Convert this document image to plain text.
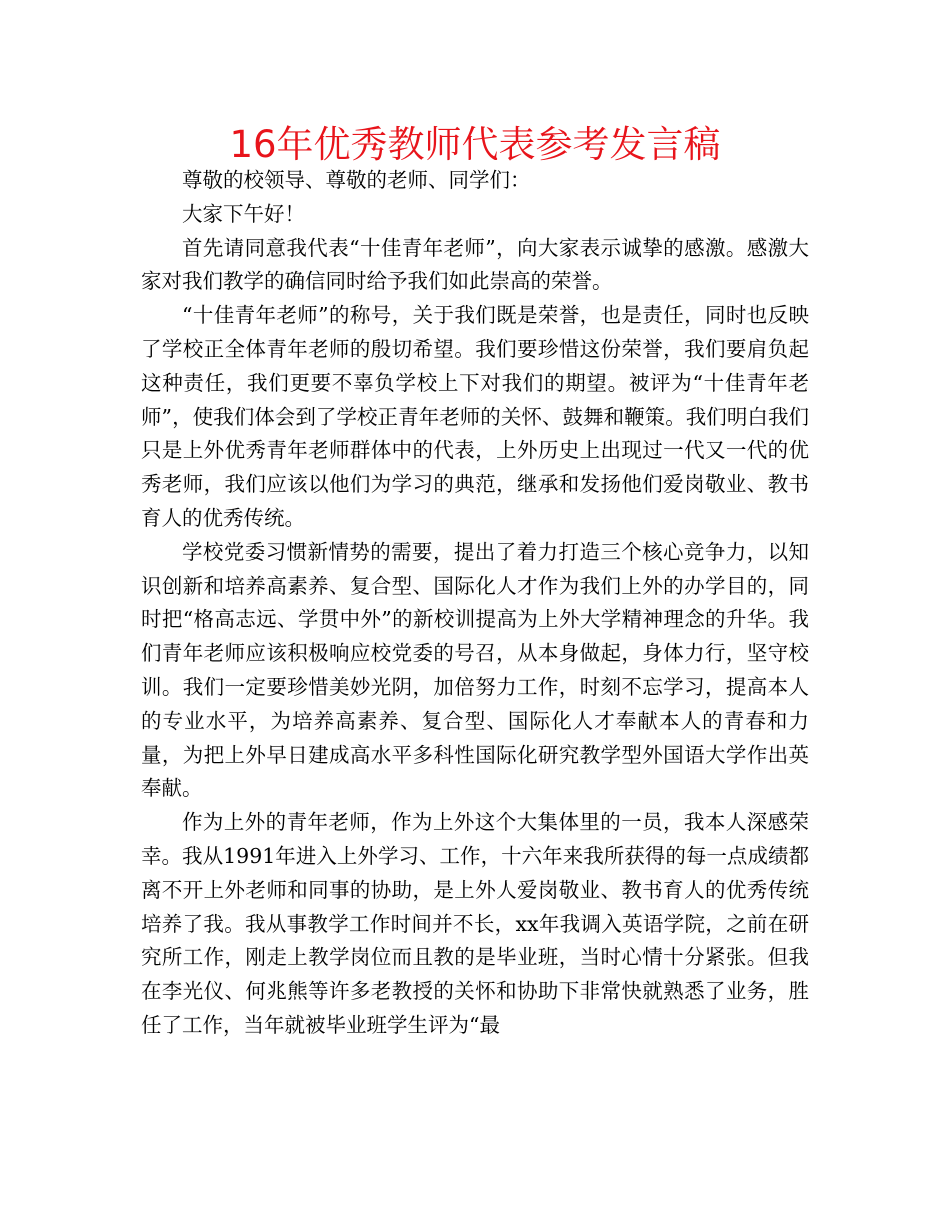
16年优秀教师代表参考发言稿

尊敬的校领导、尊敬的老师、同学们：

大家下午好！

首先请同意我代表“十佳青年老师”，向大家表示诚挚的感激。感激大家对我们教学的确信同时给予我们如此崇高的荣誉。

“十佳青年老师”的称号，关于我们既是荣誉，也是责任，同时也反映了学校正全体青年老师的殷切希望。我们要珍惜这份荣誉，我们要肩负起这种责任，我们更要不辜负学校上下对我们的期望。被评为“十佳青年老师”，使我们体会到了学校正青年老师的关怀、鼓舞和鞭策。我们明白我们只是上外优秀青年老师群体中的代表，上外历史上出现过一代又一代的优秀老师，我们应该以他们为学习的典范，继承和发扬他们爱岗敬业、教书育人的优秀传统。

学校党委习惯新情势的需要，提出了着力打造三个核心竞争力，以知识创新和培养高素养、复合型、国际化人才作为我们上外的办学目的，同时把“格高志远、学贯中外”的新校训提高为上外大学精神理念的升华。我们青年老师应该积极响应校党委的号召，从本身做起，身体力行，坚守校训。我们一定要珍惜美妙光阴，加倍努力工作，时刻不忘学习，提高本人的专业水平，为培养高素养、复合型、国际化人才奉献本人的青春和力量，为把上外早日建成高水平多科性国际化研究教学型外国语大学作出英奉献。

作为上外的青年老师，作为上外这个大集体里的一员，我本人深感荣幸。我从1991年进入上外学习、工作，十六年来我所获得的每一点成绩都离不开上外老师和同事的协助，是上外人爱岗敬业、教书育人的优秀传统培养了我。我从事教学工作时间并不长，xx年我调入英语学院，之前在研究所工作，刚走上教学岗位而且教的是毕业班，当时心情十分紧张。但我在李光仪、何兆熊等许多老教授的关怀和协助下非常快就熟悉了业务，胜任了工作，当年就被毕业班学生评为“最
